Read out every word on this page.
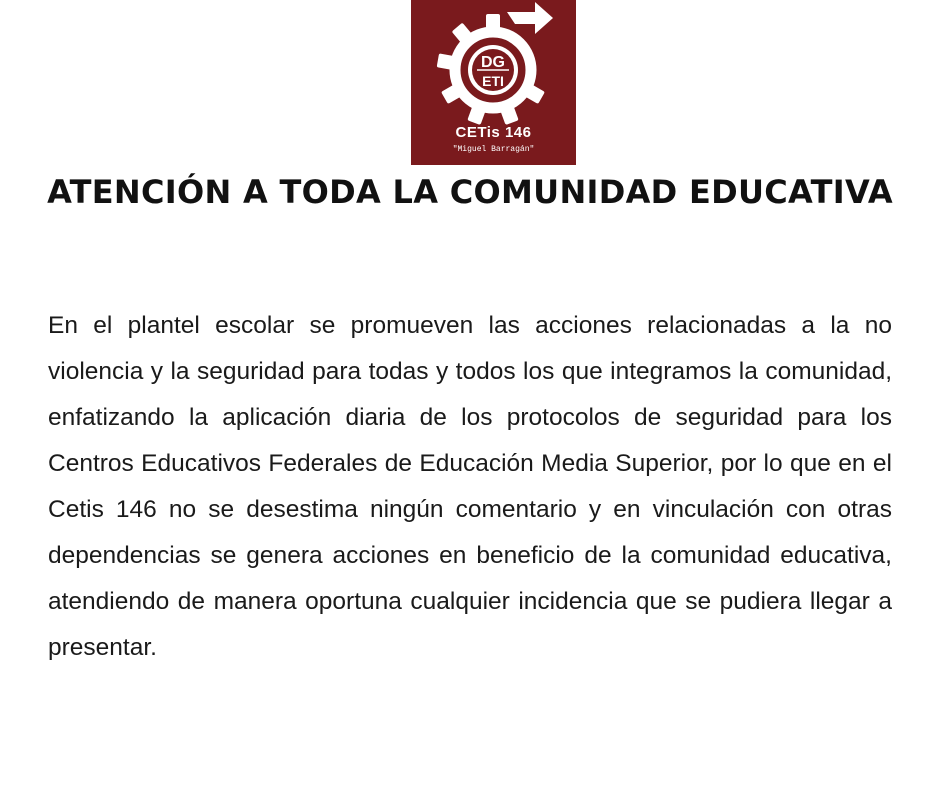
DG
ETI
CETis 146
"Miguel Barragán"
ATENCIÓN A TODA LA COMUNIDAD EDUCATIVA

En el plantel escolar se promueven las acciones relacionadas a la no violencia y la seguridad para todas y todos los que integramos la comunidad, enfatizando la aplicación diaria de los protocolos de seguridad para los Centros Educativos Federales de Educación Media Superior, por lo que en el Cetis 146 no se desestima ningún comentario y en vinculación con otras dependencias se genera acciones en beneficio de la comunidad educativa, atendiendo de manera oportuna cualquier incidencia que se pudiera llegar a presentar.
